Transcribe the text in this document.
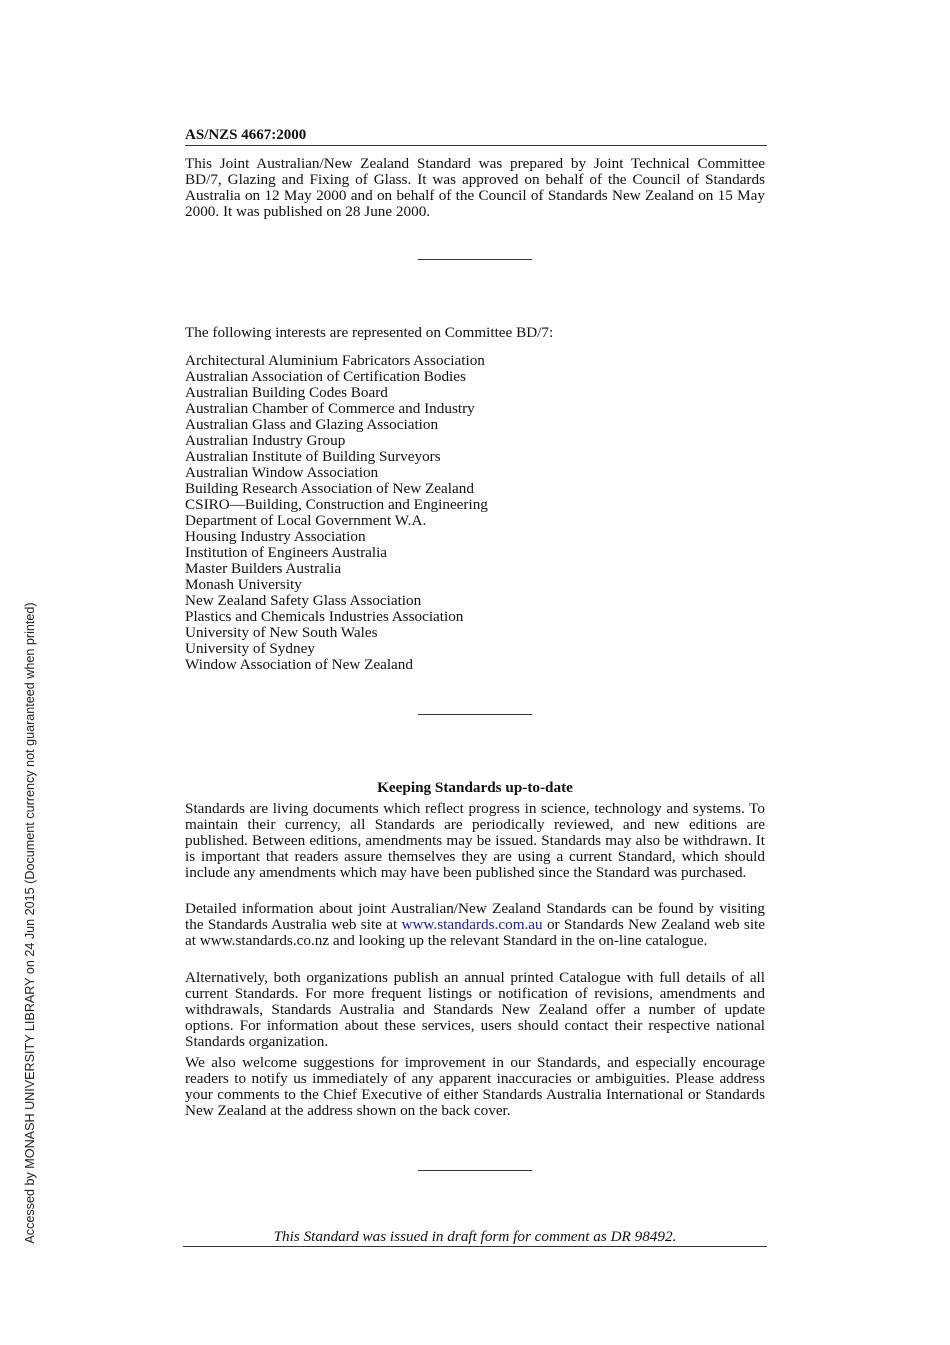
Accessed by MONASH UNIVERSITY LIBRARY on 24 Jun 2015 (Document currency not guaranteed when printed)
AS/NZS 4667:2000

This Joint Australian/New Zealand Standard was prepared by Joint Technical Committee BD/7, Glazing and Fixing of Glass. It was approved on behalf of the Council of Standards Australia on 12 May 2000 and on behalf of the Council of Standards New Zealand on 15 May 2000. It was published on 28 June 2000.

The following interests are represented on Committee BD/7:

Architectural Aluminium Fabricators Association
Australian Association of Certification Bodies
Australian Building Codes Board
Australian Chamber of Commerce and Industry
Australian Glass and Glazing Association
Australian Industry Group
Australian Institute of Building Surveyors
Australian Window Association
Building Research Association of New Zealand
CSIRO—Building, Construction and Engineering
Department of Local Government W.A.
Housing Industry Association
Institution of Engineers Australia
Master Builders Australia
Monash University
New Zealand Safety Glass Association
Plastics and Chemicals Industries Association
University of New South Wales
University of Sydney
Window Association of New Zealand
Keeping Standards up-to-date

Standards are living documents which reflect progress in science, technology and systems. To maintain their currency, all Standards are periodically reviewed, and new editions are published. Between editions, amendments may be issued. Standards may also be withdrawn. It is important that readers assure themselves they are using a current Standard, which should include any amendments which may have been published since the Standard was purchased.

Detailed information about joint Australian/New Zealand Standards can be found by visiting the Standards Australia web site at www.standards.com.au or Standards New Zealand web site at www.standards.co.nz and looking up the relevant Standard in the on-line catalogue.

Alternatively, both organizations publish an annual printed Catalogue with full details of all current Standards. For more frequent listings or notification of revisions, amendments and withdrawals, Standards Australia and Standards New Zealand offer a number of update options. For information about these services, users should contact their respective national Standards organization.

We also welcome suggestions for improvement in our Standards, and especially encourage readers to notify us immediately of any apparent inaccuracies or ambiguities. Please address your comments to the Chief Executive of either Standards Australia International or Standards New Zealand at the address shown on the back cover.

This Standard was issued in draft form for comment as DR 98492.
